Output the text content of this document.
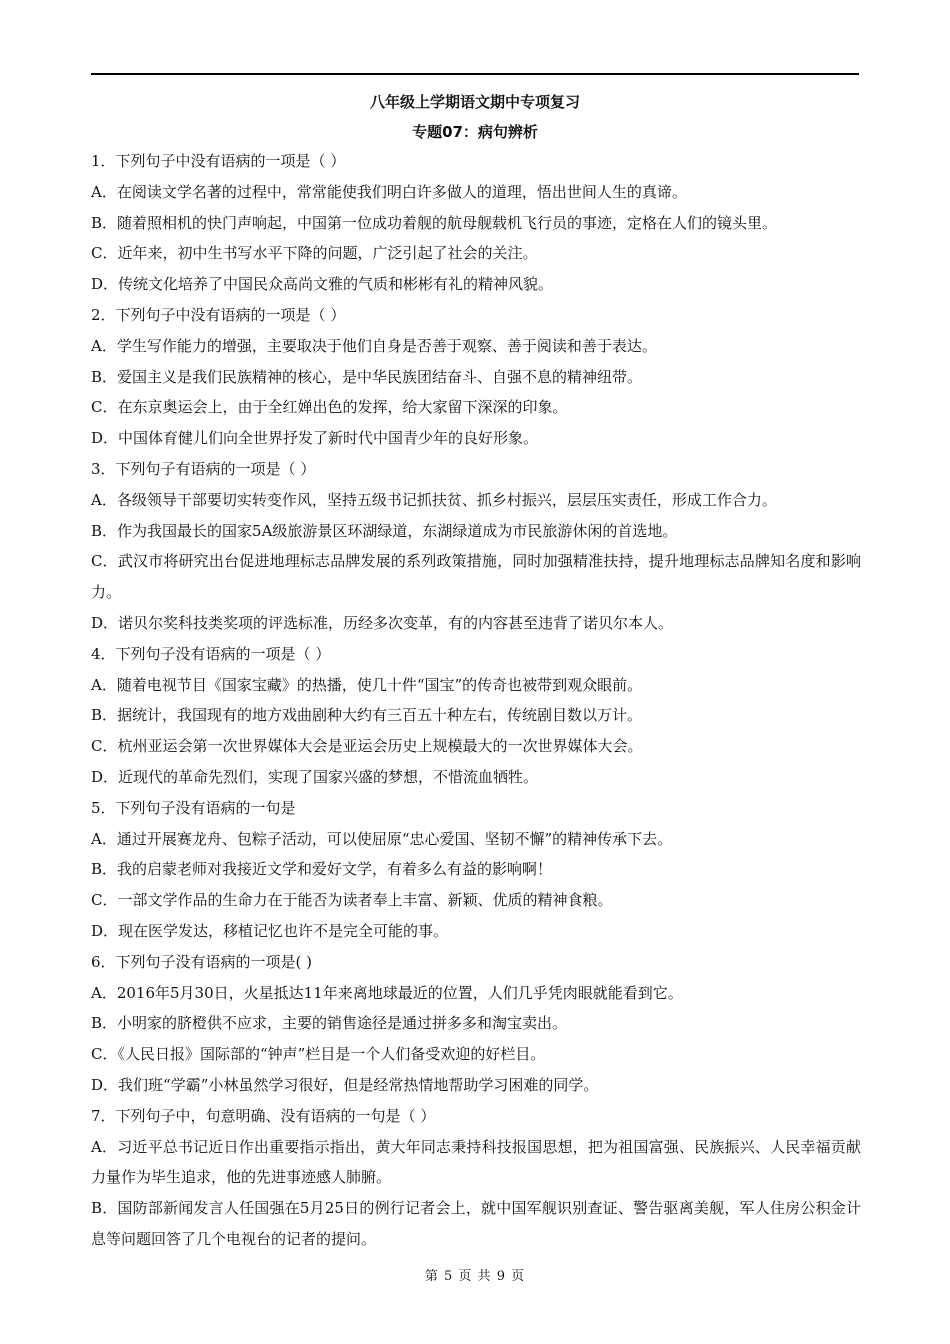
八年级上学期语文期中专项复习
专题07：病句辨析
1．下列句子中没有语病的一项是（ ）
A．在阅读文学名著的过程中，常常能使我们明白许多做人的道理，悟出世间人生的真谛。
B．随着照相机的快门声响起，中国第一位成功着舰的航母舰载机飞行员的事迹，定格在人们的镜头里。
C．近年来，初中生书写水平下降的问题，广泛引起了社会的关注。
D．传统文化培养了中国民众高尚文雅的气质和彬彬有礼的精神风貌。
2．下列句子中没有语病的一项是（ ）
A．学生写作能力的增强，主要取决于他们自身是否善于观察、善于阅读和善于表达。
B．爱国主义是我们民族精神的核心，是中华民族团结奋斗、自强不息的精神纽带。
C．在东京奥运会上，由于全红婵出色的发挥，给大家留下深深的印象。
D．中国体育健儿们向全世界抒发了新时代中国青少年的良好形象。
3．下列句子有语病的一项是（ ）
A．各级领导干部要切实转变作风，坚持五级书记抓扶贫、抓乡村振兴，层层压实责任，形成工作合力。
B．作为我国最长的国家5A级旅游景区环湖绿道，东湖绿道成为市民旅游休闲的首选地。
C．武汉市将研究出台促进地理标志品牌发展的系列政策措施，同时加强精准扶持，提升地理标志品牌知名度和影响力。
D．诺贝尔奖科技类奖项的评选标准，历经多次变革，有的内容甚至违背了诺贝尔本人。
4．下列句子没有语病的一项是（ ）
A．随着电视节目《国家宝藏》的热播，使几十件“国宝”的传奇也被带到观众眼前。
B．据统计，我国现有的地方戏曲剧种大约有三百五十种左右，传统剧目数以万计。
C．杭州亚运会第一次世界媒体大会是亚运会历史上规模最大的一次世界媒体大会。
D．近现代的革命先烈们，实现了国家兴盛的梦想，不惜流血牺牲。
5．下列句子没有语病的一句是
A．通过开展赛龙舟、包粽子活动，可以使屈原“忠心爱国、坚韧不懈”的精神传承下去。
B．我的启蒙老师对我接近文学和爱好文学，有着多么有益的影响啊！
C．一部文学作品的生命力在于能否为读者奉上丰富、新颖、优质的精神食粮。
D．现在医学发达，移植记忆也许不是完全可能的事。
6．下列句子没有语病的一项是( )
A．2016年5月30日，火星抵达11年来离地球最近的位置，人们几乎凭肉眼就能看到它。
B．小明家的脐橙供不应求，主要的销售途径是通过拼多多和淘宝卖出。
C．《人民日报》国际部的“钟声”栏目是一个人们备受欢迎的好栏目。
D．我们班“学霸”小林虽然学习很好，但是经常热情地帮助学习困难的同学。
7．下列句子中，句意明确、没有语病的一句是（ ）
A．习近平总书记近日作出重要指示指出，黄大年同志秉持科技报国思想，把为祖国富强、民族振兴、人民幸福贡献力量作为毕生追求，他的先进事迹感人肺腑。
B．国防部新闻发言人任国强在5月25日的例行记者会上，就中国军舰识别查证、警告驱离美舰，军人住房公积金计息等问题回答了几个电视台的记者的提问。
第 5 页 共 9 页
